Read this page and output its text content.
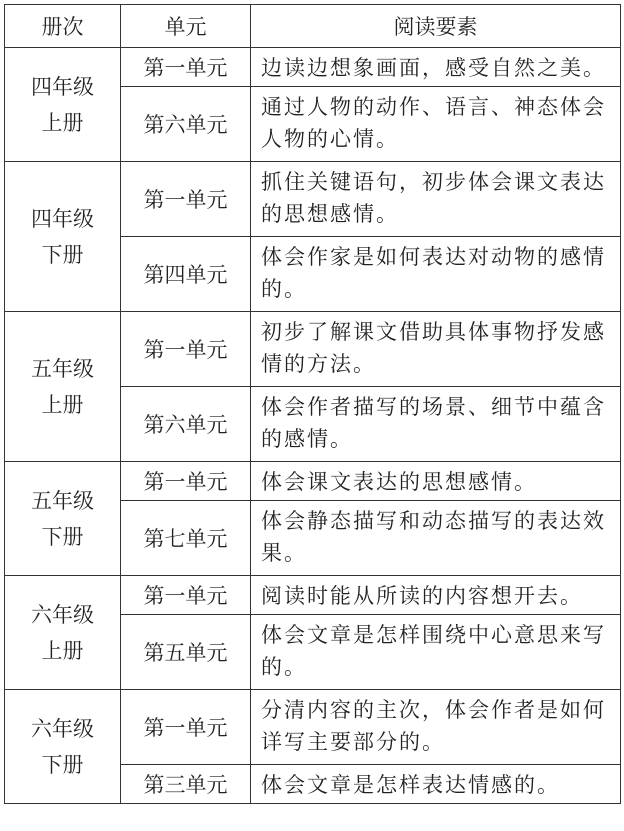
册次	单元	阅读要素

四年级
上册	第一单元	边读边想象画面，感受自然之美。
	第六单元	通过人物的动作、语言、神态体会人物的心情。

四年级
下册	第一单元	抓住关键语句，初步体会课文表达的思想感情。
	第四单元	体会作家是如何表达对动物的感情的。

五年级
上册	第一单元	初步了解课文借助具体事物抒发感情的方法。
	第六单元	体会作者描写的场景、细节中蕴含的感情。

五年级
下册	第一单元	体会课文表达的思想感情。
	第七单元	体会静态描写和动态描写的表达效果。

六年级
上册	第一单元	阅读时能从所读的内容想开去。
	第五单元	体会文章是怎样围绕中心意思来写的。

六年级
下册	第一单元	分清内容的主次，体会作者是如何详写主要部分的。
	第三单元	体会文章是怎样表达情感的。
